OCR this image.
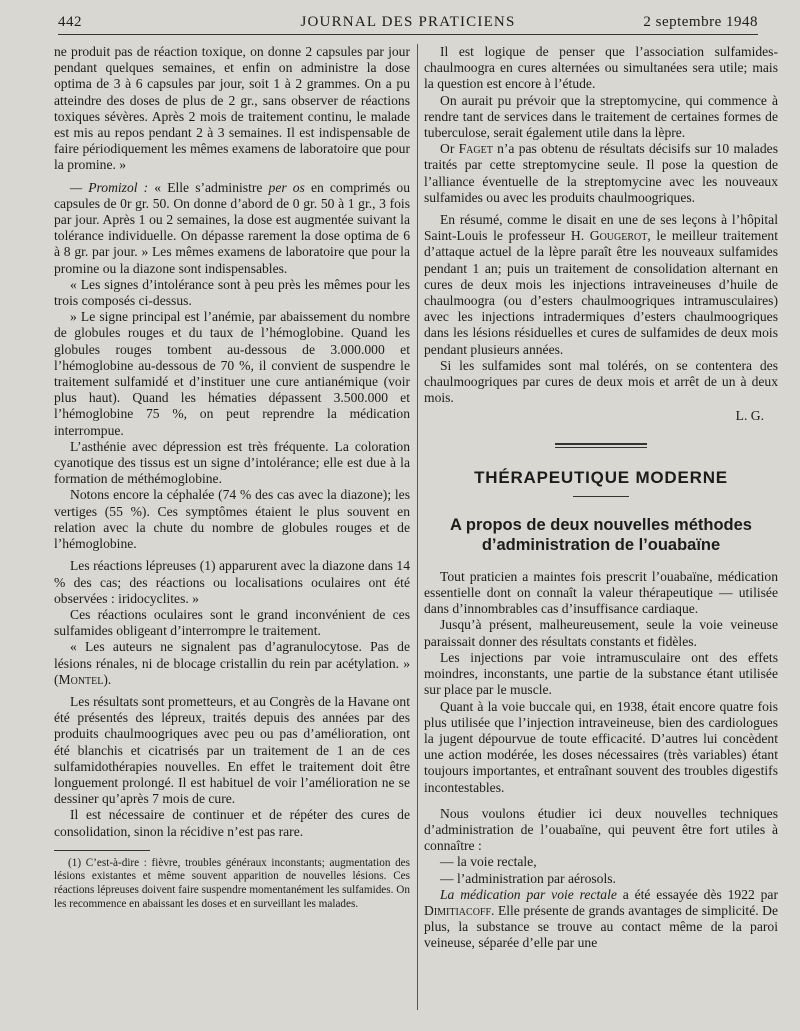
442	JOURNAL DES PRATICIENS	2 septembre 1948

ne produit pas de réaction toxique, on donne 2 capsules par jour pendant quelques semaines, et enfin on administre la dose optima de 3 à 6 capsules par jour, soit 1 à 2 grammes. On a pu atteindre des doses de plus de 2 gr., sans observer de réactions toxiques sévères. Après 2 mois de traitement continu, le malade est mis au repos pendant 2 à 3 semaines. Il est indispensable de faire périodiquement les mêmes examens de laboratoire que pour la promine. »

— Promizol : « Elle s’administre per os en comprimés ou capsules de 0r gr. 50. On donne d’abord de 0 gr. 50 à 1 gr., 3 fois par jour. Après 1 ou 2 semaines, la dose est augmentée suivant la tolérance individuelle. On dépasse rarement la dose optima de 6 à 8 gr. par jour. » Les mêmes examens de laboratoire que pour la promine ou la diazone sont indispensables.

« Les signes d’intolérance sont à peu près les mêmes pour les trois composés ci-dessus.

» Le signe principal est l’anémie, par abaissement du nombre de globules rouges et du taux de l’hémoglobine. Quand les globules rouges tombent au-dessous de 3.000.000 et l’hémoglobine au-dessous de 70 %, il convient de suspendre le traitement sulfamidé et d’instituer une cure antianémique (voir plus haut). Quand les hématies dépassent 3.500.000 et l’hémoglobine 75 %, on peut reprendre la médication interrompue.

L’asthénie avec dépression est très fréquente. La coloration cyanotique des tissus est un signe d’intolérance; elle est due à la formation de méthémoglobine.

Notons encore la céphalée (74 % des cas avec la diazone); les vertiges (55 %). Ces symptômes étaient le plus souvent en relation avec la chute du nombre de globules rouges et de l’hémoglobine.

Les réactions lépreuses (1) apparurent avec la diazone dans 14 % des cas; des réactions ou localisations oculaires ont été observées : iridocyclites. »

Ces réactions oculaires sont le grand inconvénient de ces sulfamides obligeant d’interrompre le traitement.

« Les auteurs ne signalent pas d’agranulocytose. Pas de lésions rénales, ni de blocage cristallin du rein par acétylation. » (Montel).

Les résultats sont prometteurs, et au Congrès de la Havane ont été présentés des lépreux, traités depuis des années par des produits chaulmoogriques avec peu ou pas d’amélioration, ont été blanchis et cicatrisés par un traitement de 1 an de ces sulfamidothérapies nouvelles. En effet le traitement doit être longuement prolongé. Il est habituel de voir l’amélioration ne se dessiner qu’après 7 mois de cure.

Il est nécessaire de continuer et de répéter des cures de consolidation, sinon la récidive n’est pas rare.

(1) C’est-à-dire : fièvre, troubles généraux inconstants; augmentation des lésions existantes et même souvent apparition de nouvelles lésions. Ces réactions lépreuses doivent faire suspendre momentanément les sulfamides. On les recommence en abaissant les doses et en surveillant les malades.

Il est logique de penser que l’association sulfamides-chaulmoogra en cures alternées ou simultanées sera utile; mais la question est encore à l’étude.

On aurait pu prévoir que la streptomycine, qui commence à rendre tant de services dans le traitement de certaines formes de tuberculose, serait également utile dans la lèpre.

Or Faget n’a pas obtenu de résultats décisifs sur 10 malades traités par cette streptomycine seule. Il pose la question de l’alliance éventuelle de la streptomycine avec les nouveaux sulfamides ou avec les produits chaulmoogriques.

En résumé, comme le disait en une de ses leçons à l’hôpital Saint-Louis le professeur H. Gougerot, le meilleur traitement d’attaque actuel de la lèpre paraît être les nouveaux sulfamides pendant 1 an; puis un traitement de consolidation alternant en cures de deux mois les injections intraveineuses d’huile de chaulmoogra (ou d’esters chaulmoogriques intramusculaires) avec les injections intradermiques d’esters chaulmoogriques dans les lésions résiduelles et cures de sulfamides de deux mois pendant plusieurs années.

Si les sulfamides sont mal tolérés, on se contentera des chaulmoogriques par cures de deux mois et arrêt de un à deux mois.

L. G.

THÉRAPEUTIQUE MODERNE
A propos de deux nouvelles méthodes d’administration de l’ouabaïne

Tout praticien a maintes fois prescrit l’ouabaïne, médication essentielle dont on connaît la valeur thérapeutique — utilisée dans d’innombrables cas d’insuffisance cardiaque.

Jusqu’à présent, malheureusement, seule la voie veineuse paraissait donner des résultats constants et fidèles.

Les injections par voie intramusculaire ont des effets moindres, inconstants, une partie de la substance étant utilisée sur place par le muscle.

Quant à la voie buccale qui, en 1938, était encore quatre fois plus utilisée que l’injection intraveineuse, bien des cardiologues la jugent dépourvue de toute efficacité. D’autres lui concèdent une action modérée, les doses nécessaires (très variables) étant toujours importantes, et entraînant souvent des troubles digestifs incontestables.

Nous voulons étudier ici deux nouvelles techniques d’administration de l’ouabaïne, qui peuvent être fort utiles à connaître :

— la voie rectale,

— l’administration par aérosols.

La médication par voie rectale a été essayée dès 1922 par Dimitiacoff. Elle présente de grands avantages de simplicité. De plus, la substance se trouve au contact même de la paroi veineuse, séparée d’elle par une
